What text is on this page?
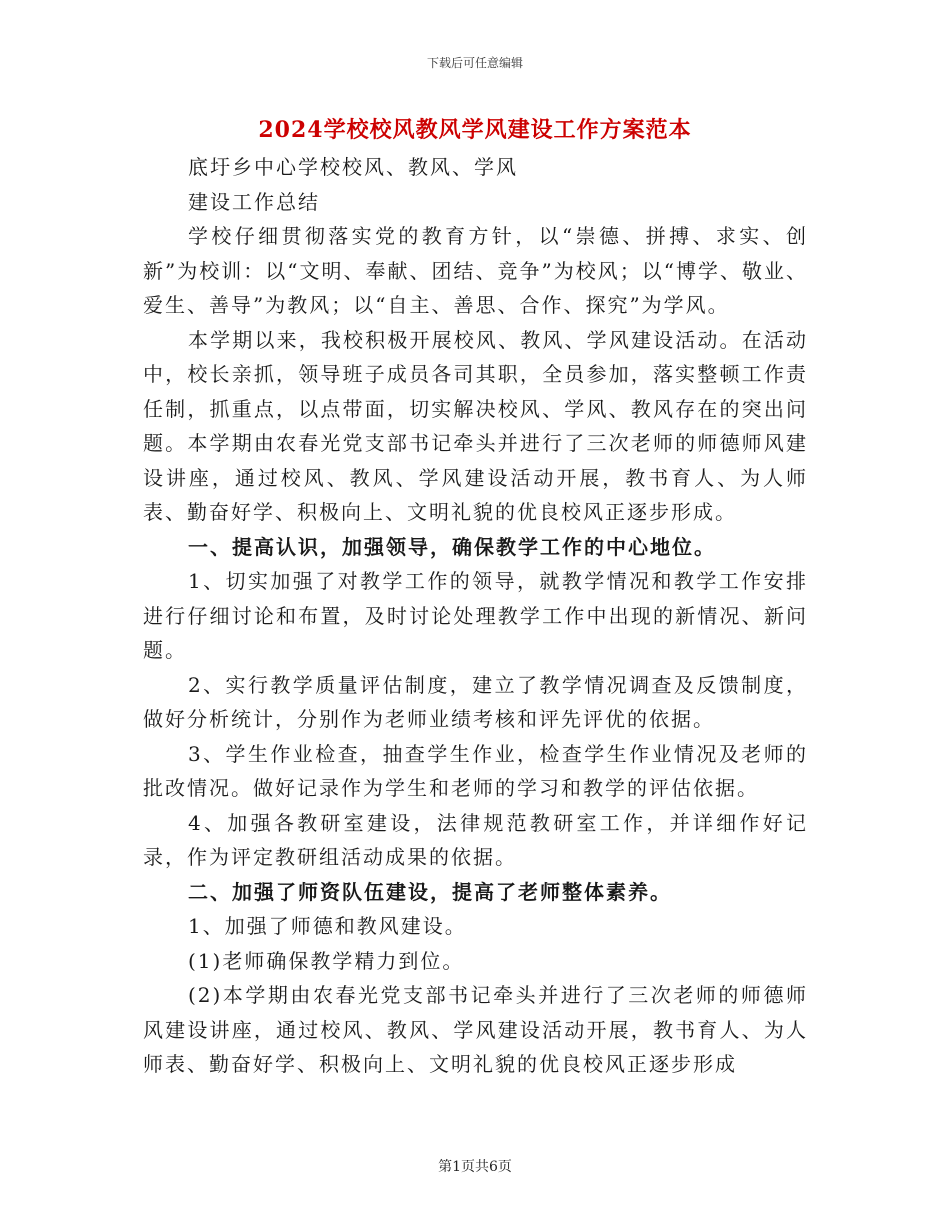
下载后可任意编辑
2024学校校风教风学风建设工作方案范本

底圩乡中心学校校风、教风、学风

建设工作总结

学校仔细贯彻落实党的教育方针，以“崇德、拼搏、求实、创新”为校训：以“文明、奉献、团结、竞争”为校风；以“博学、敬业、爱生、善导”为教风；以“自主、善思、合作、探究”为学风。

本学期以来，我校积极开展校风、教风、学风建设活动。在活动中，校长亲抓，领导班子成员各司其职，全员参加，落实整顿工作责任制，抓重点，以点带面，切实解决校风、学风、教风存在的突出问题。本学期由农春光党支部书记牵头并进行了三次老师的师德师风建设讲座，通过校风、教风、学风建设活动开展，教书育人、为人师表、勤奋好学、积极向上、文明礼貌的优良校风正逐步形成。

一、提高认识，加强领导，确保教学工作的中心地位。

1、切实加强了对教学工作的领导，就教学情况和教学工作安排进行仔细讨论和布置，及时讨论处理教学工作中出现的新情况、新问题。

2、实行教学质量评估制度，建立了教学情况调查及反馈制度，做好分析统计，分别作为老师业绩考核和评先评优的依据。

3、学生作业检查，抽查学生作业，检查学生作业情况及老师的批改情况。做好记录作为学生和老师的学习和教学的评估依据。

4、加强各教研室建设，法律规范教研室工作，并详细作好记录，作为评定教研组活动成果的依据。

二、加强了师资队伍建设，提高了老师整体素养。

1、加强了师德和教风建设。

(1)老师确保教学精力到位。

(2)本学期由农春光党支部书记牵头并进行了三次老师的师德师风建设讲座，通过校风、教风、学风建设活动开展，教书育人、为人师表、勤奋好学、积极向上、文明礼貌的优良校风正逐步形成

第1页共6页
